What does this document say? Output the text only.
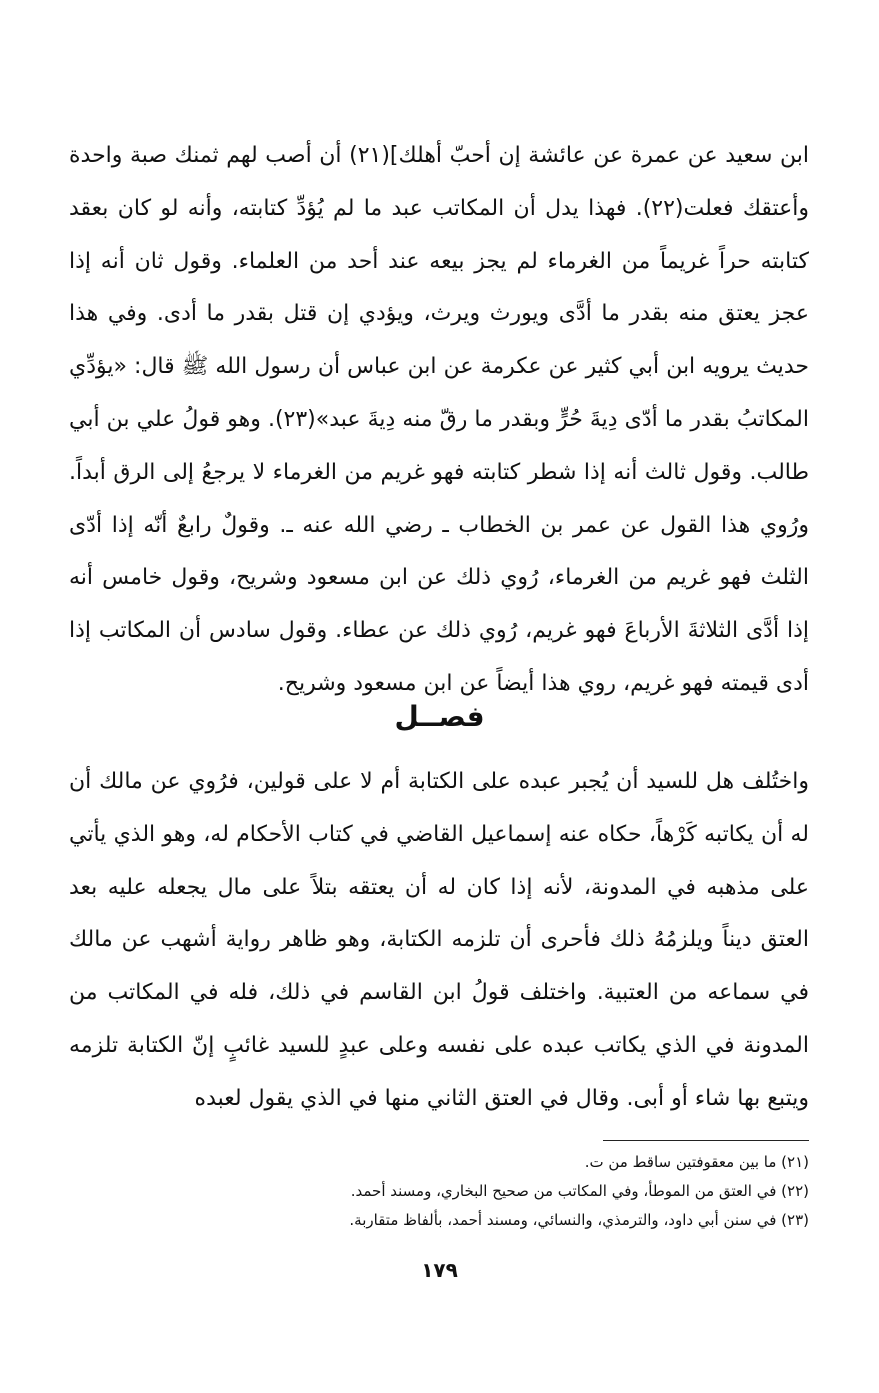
ابن سعيد عن عمرة عن عائشة إن أحبّ أهلك](٢١) أن أصب لهم ثمنك صبة واحدة وأعتقك فعلت(٢٢). فهذا يدل أن المكاتب عبد ما لم يُؤدِّ كتابته، وأنه لو كان بعقد كتابته حراً غريماً من الغرماء لم يجز بيعه عند أحد من العلماء. وقول ثان أنه إذا عجز يعتق منه بقدر ما أدَّى ويورث ويرث، ويؤدي إن قتل بقدر ما أدى. وفي هذا حديث يرويه ابن أبي كثير عن عكرمة عن ابن عباس أن رسول الله ﷺ قال: «يؤدِّي المكاتبُ بقدر ما أدّى دِيةَ حُرٍّ وبقدر ما رقّ منه دِيةَ عبد»(٢٣). وهو قولُ علي بن أبي طالب. وقول ثالث أنه إذا شطر كتابته فهو غريم من الغرماء لا يرجعُ إلى الرق أبداً. ورُوي هذا القول عن عمر بن الخطاب ـ رضي الله عنه ـ. وقولٌ رابعٌ أنّه إذا أدّى الثلث فهو غريم من الغرماء، رُوي ذلك عن ابن مسعود وشريح، وقول خامس أنه إذا أدَّى الثلاثةَ الأرباعَ فهو غريم، رُوي ذلك عن عطاء. وقول سادس أن المكاتب إذا أدى قيمته فهو غريم، روي هذا أيضاً عن ابن مسعود وشريح.

فصــل

واختُلف هل للسيد أن يُجبر عبده على الكتابة أم لا على قولين، فرُوي عن مالك أن له أن يكاتبه كَرْهاً، حكاه عنه إسماعيل القاضي في كتاب الأحكام له، وهو الذي يأتي على مذهبه في المدونة، لأنه إذا كان له أن يعتقه بتلاً على مال يجعله عليه بعد العتق ديناً ويلزمُهُ ذلك فأحرى أن تلزمه الكتابة، وهو ظاهر رواية أشهب عن مالك في سماعه من العتبية. واختلف قولُ ابن القاسم في ذلك، فله في المكاتب من المدونة في الذي يكاتب عبده على نفسه وعلى عبدٍ للسيد غائبٍ إنّ الكتابة تلزمه ويتبع بها شاء أو أبى. وقال في العتق الثاني منها في الذي يقول لعبده

(٢١) ما بين معقوفتين ساقط من ت.

(٢٢) في العتق من الموطأ، وفي المكاتب من صحيح البخاري، ومسند أحمد.

(٢٣) في سنن أبي داود، والترمذي، والنسائي، ومسند أحمد، بألفاظ متقاربة.

١٧٩
